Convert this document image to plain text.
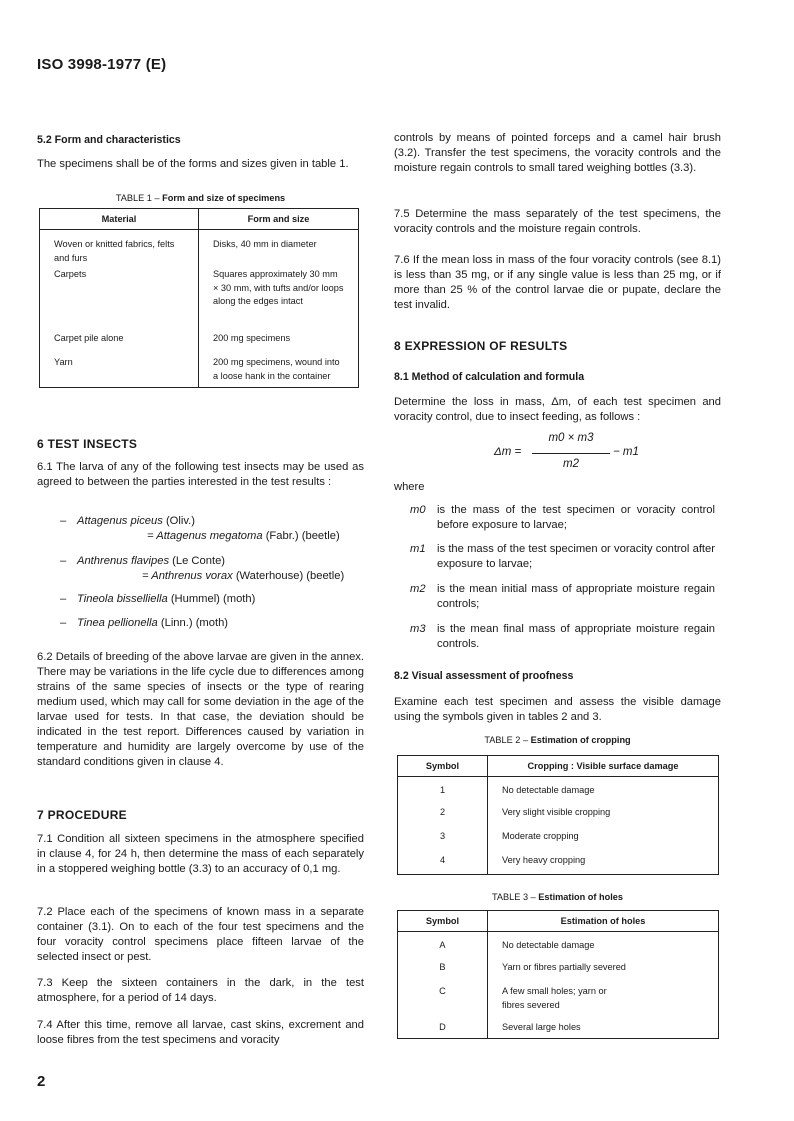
ISO 3998-1977 (E)
5.2 Form and characteristics

The specimens shall be of the forms and sizes given in table 1.

TABLE 1 – Form and size of specimens
Material	Form and size
Woven or knitted fabrics, felts and furs	Disks, 40 mm in diameter
Carpets	Squares approximately 30 mm × 30 mm, with tufts and/or loops along the edges intact
Carpet pile alone	200 mg specimens
Yarn	200 mg specimens, wound into a loose hank in the container
6 TEST INSECTS

6.1 The larva of any of the following test insects may be used as agreed to between the parties interested in the test results :

– Attagenus piceus (Oliv.)
= Attagenus megatoma (Fabr.) (beetle)
– Anthrenus flavipes (Le Conte)
= Anthrenus vorax (Waterhouse) (beetle)
– Tineola bisselliella (Hummel) (moth)
– Tinea pellionella (Linn.) (moth)

6.2 Details of breeding of the above larvae are given in the annex. There may be variations in the life cycle due to differences among strains of the same species of insects or the type of rearing medium used, which may call for some deviation in the age of the larvae used for tests. In that case, the deviation should be indicated in the test report. Differences caused by variation in temperature and humidity are largely overcome by use of the standard conditions given in clause 4.

7 PROCEDURE

7.1 Condition all sixteen specimens in the atmosphere specified in clause 4, for 24 h, then determine the mass of each separately in a stoppered weighing bottle (3.3) to an accuracy of 0,1 mg.

7.2 Place each of the specimens of known mass in a separate container (3.1). On to each of the four test specimens and the four voracity control specimens place fifteen larvae of the selected insect or pest.

7.3 Keep the sixteen containers in the dark, in the test atmosphere, for a period of 14 days.

7.4 After this time, remove all larvae, cast skins, excrement and loose fibres from the test specimens and voracity

controls by means of pointed forceps and a camel hair brush (3.2). Transfer the test specimens, the voracity controls and the moisture regain controls to small tared weighing bottles (3.3).

7.5 Determine the mass separately of the test specimens, the voracity controls and the moisture regain controls.

7.6 If the mean loss in mass of the four voracity controls (see 8.1) is less than 35 mg, or if any single value is less than 25 mg, or if more than 25 % of the control larvae die or pupate, declare the test invalid.

8 EXPRESSION OF RESULTS
8.1 Method of calculation and formula

Determine the loss in mass, Δm, of each test specimen and voracity control, due to insect feeding, as follows :

Δm =
m0 × m3
m2
− m1
where
m0 is the mass of the test specimen or voracity control before exposure to larvae;
m1 is the mass of the test specimen or voracity control after exposure to larvae;
m2 is the mean initial mass of appropriate moisture regain controls;
m3 is the mean final mass of appropriate moisture regain controls.
8.2 Visual assessment of proofness

Examine each test specimen and assess the visible damage using the symbols given in tables 2 and 3.

TABLE 2 – Estimation of cropping
Symbol	Cropping : Visible surface damage
1	No detectable damage
2	Very slight visible cropping
3	Moderate cropping
4	Very heavy cropping
TABLE 3 – Estimation of holes
Symbol	Estimation of holes
A	No detectable damage
B	Yarn or fibres partially severed
C	A few small holes; yarn or fibres severed
D	Several large holes
2
